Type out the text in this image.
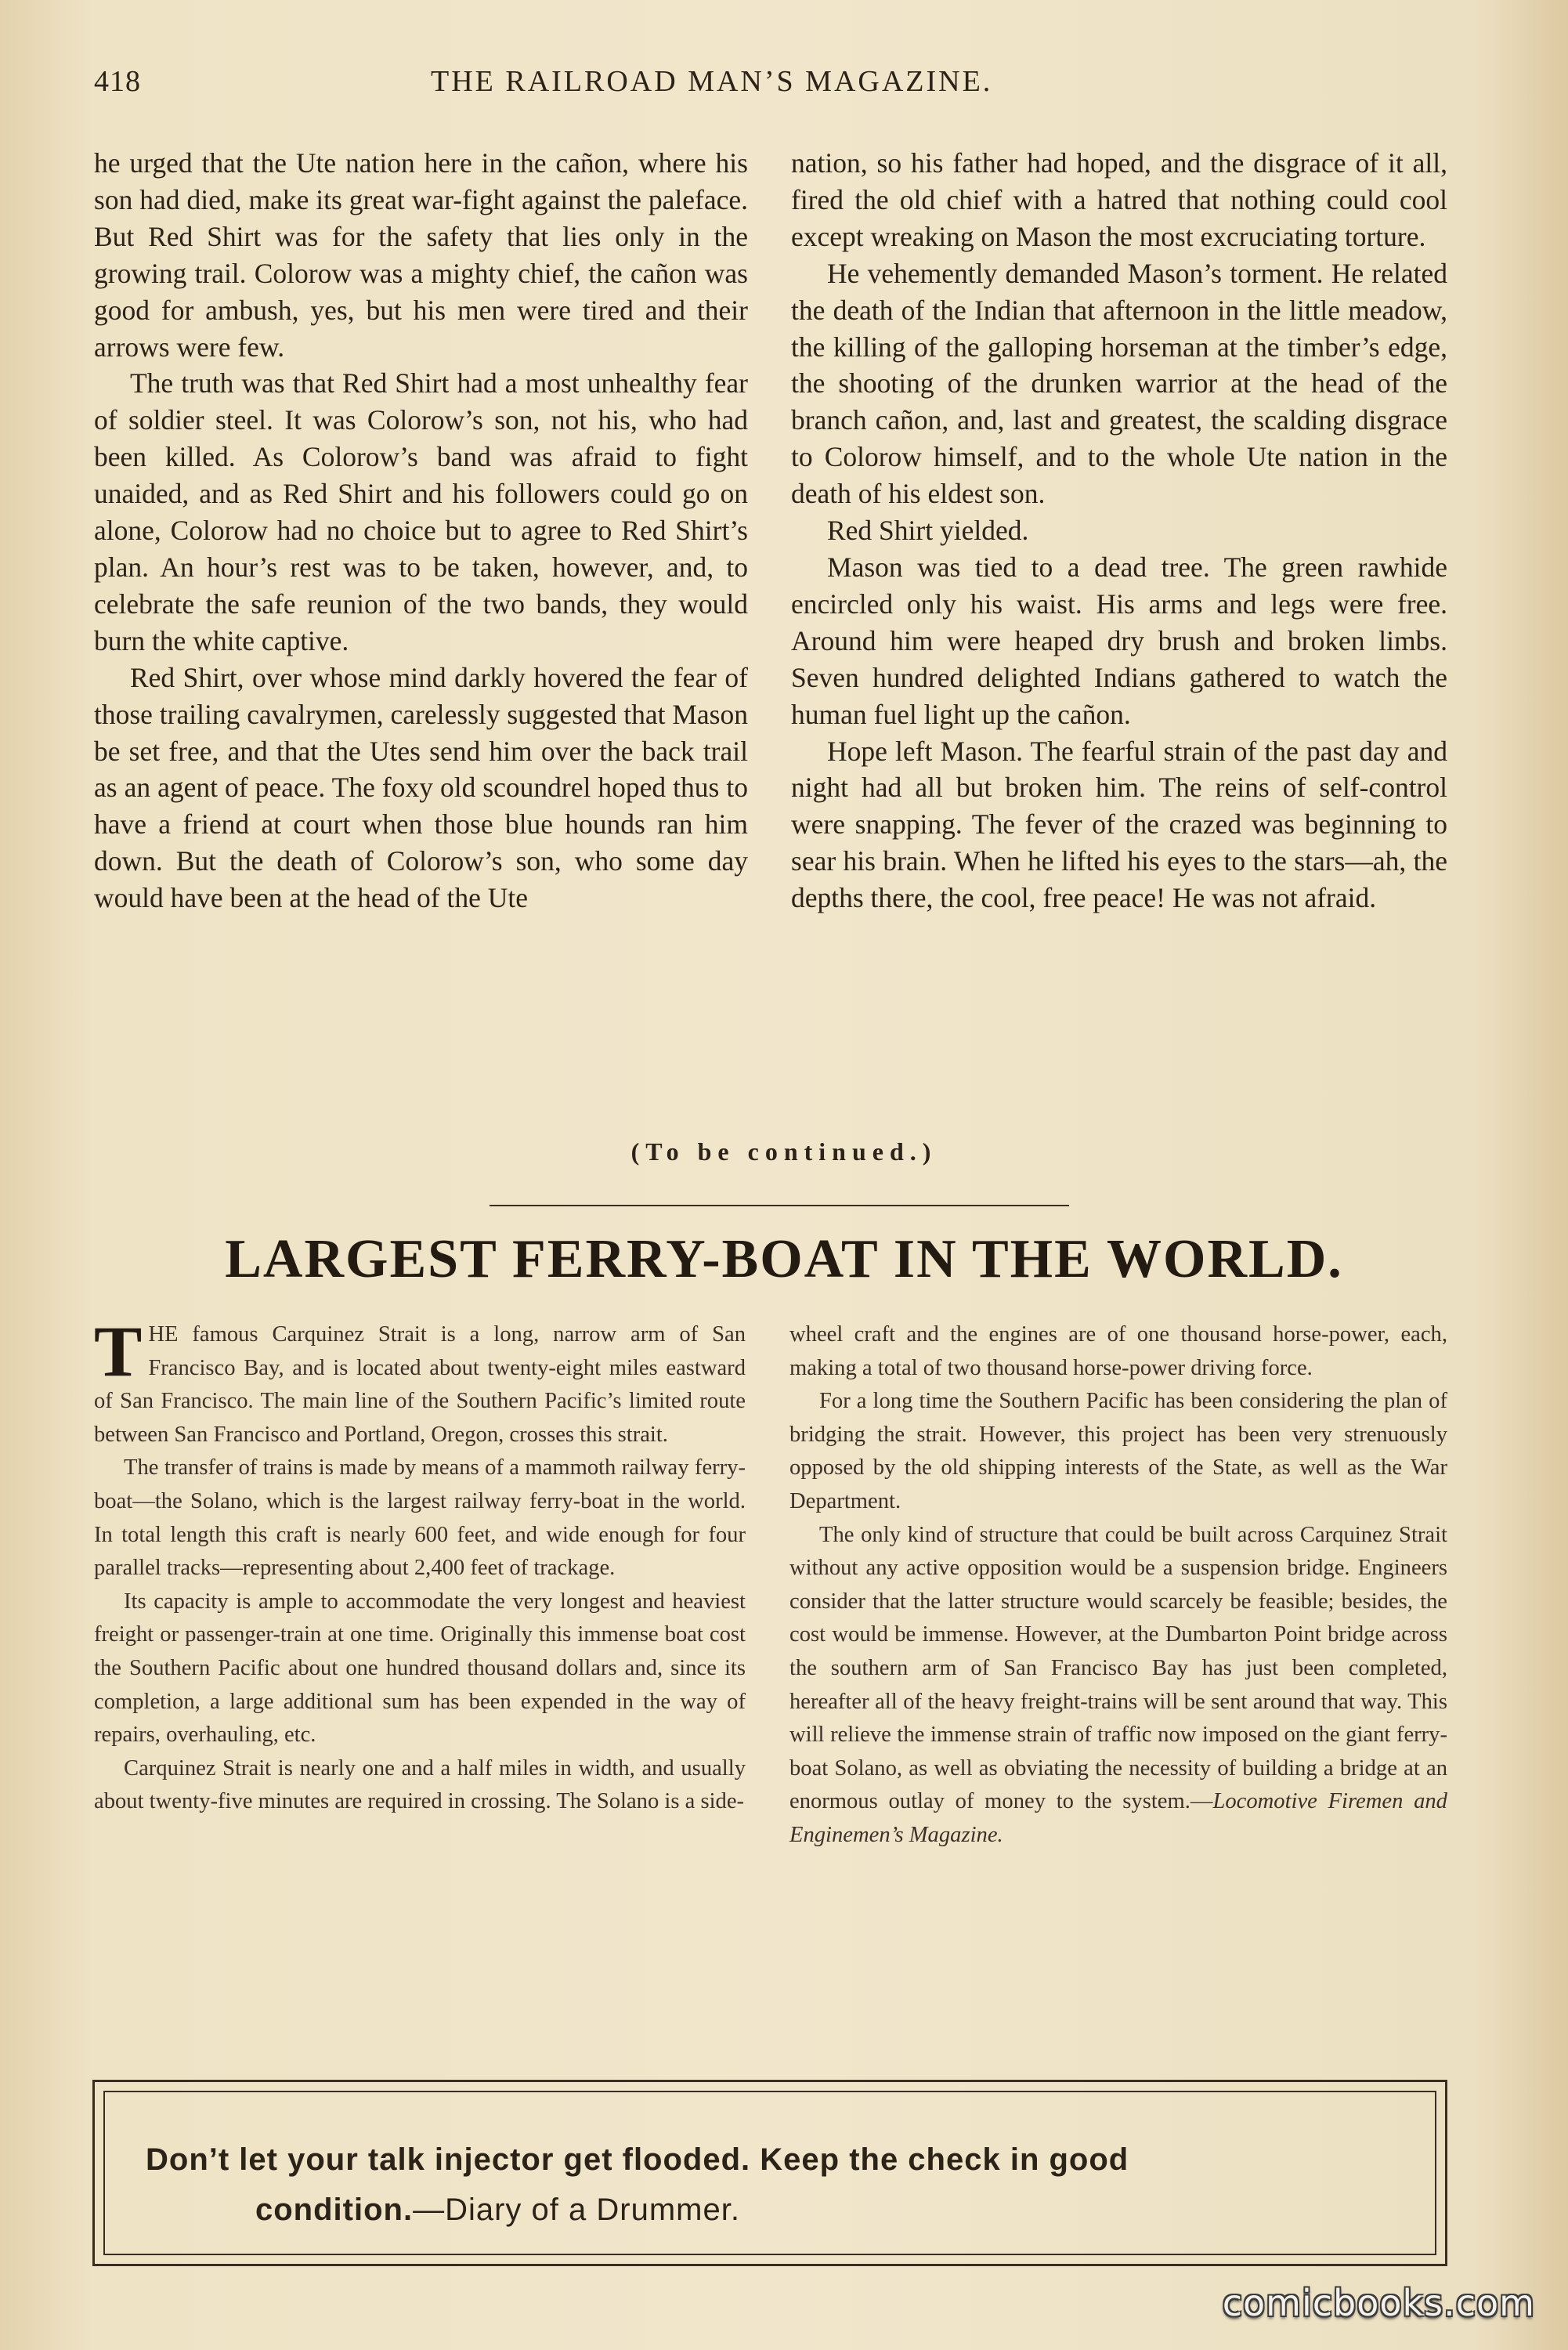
418	THE RAILROAD MAN’S MAGAZINE.

he urged that the Ute nation here in the cañon, where his son had died, make its great war-fight against the paleface. But Red Shirt was for the safety that lies only in the growing trail. Colorow was a mighty chief, the cañon was good for ambush, yes, but his men were tired and their arrows were few.

The truth was that Red Shirt had a most unhealthy fear of soldier steel. It was Colorow’s son, not his, who had been killed. As Colorow’s band was afraid to fight unaided, and as Red Shirt and his followers could go on alone, Colorow had no choice but to agree to Red Shirt’s plan. An hour’s rest was to be taken, however, and, to celebrate the safe reunion of the two bands, they would burn the white captive.

Red Shirt, over whose mind darkly hovered the fear of those trailing cavalrymen, carelessly suggested that Mason be set free, and that the Utes send him over the back trail as an agent of peace. The foxy old scoundrel hoped thus to have a friend at court when those blue hounds ran him down. But the death of Colorow’s son, who some day would have been at the head of the Ute

nation, so his father had hoped, and the disgrace of it all, fired the old chief with a hatred that nothing could cool except wreaking on Mason the most excruciating torture.

He vehemently demanded Mason’s torment. He related the death of the Indian that afternoon in the little meadow, the killing of the galloping horseman at the timber’s edge, the shooting of the drunken warrior at the head of the branch cañon, and, last and greatest, the scalding disgrace to Colorow himself, and to the whole Ute nation in the death of his eldest son.

Red Shirt yielded.

Mason was tied to a dead tree. The green rawhide encircled only his waist. His arms and legs were free. Around him were heaped dry brush and broken limbs. Seven hundred delighted Indians gathered to watch the human fuel light up the cañon.

Hope left Mason. The fearful strain of the past day and night had all but broken him. The reins of self-control were snapping. The fever of the crazed was beginning to sear his brain. When he lifted his eyes to the stars—ah, the depths there, the cool, free peace! He was not afraid.

(To be continued.)
LARGEST FERRY-BOAT IN THE WORLD.

THE famous Carquinez Strait is a long, narrow arm of San Francisco Bay, and is located about twenty-eight miles eastward of San Francisco. The main line of the Southern Pacific’s limited route between San Francisco and Portland, Oregon, crosses this strait.

The transfer of trains is made by means of a mammoth railway ferry-boat—the Solano, which is the largest railway ferry-boat in the world. In total length this craft is nearly 600 feet, and wide enough for four parallel tracks—representing about 2,400 feet of trackage.

Its capacity is ample to accommodate the very longest and heaviest freight or passenger-train at one time. Originally this immense boat cost the Southern Pacific about one hundred thousand dollars and, since its completion, a large additional sum has been expended in the way of repairs, overhauling, etc.

Carquinez Strait is nearly one and a half miles in width, and usually about twenty-five minutes are required in crossing. The Solano is a side-

wheel craft and the engines are of one thousand horse-power, each, making a total of two thousand horse-power driving force.

For a long time the Southern Pacific has been considering the plan of bridging the strait. However, this project has been very strenuously opposed by the old shipping interests of the State, as well as the War Department.

The only kind of structure that could be built across Carquinez Strait without any active opposition would be a suspension bridge. Engineers consider that the latter structure would scarcely be feasible; besides, the cost would be immense. However, at the Dumbarton Point bridge across the southern arm of San Francisco Bay has just been completed, hereafter all of the heavy freight-trains will be sent around that way. This will relieve the immense strain of traffic now imposed on the giant ferry-boat Solano, as well as obviating the necessity of building a bridge at an enormous outlay of money to the system.—Locomotive Firemen and Enginemen’s Magazine.

Don’t let your talk injector get flooded. Keep the check in good
condition.—Diary of a Drummer.
comicbooks.com
